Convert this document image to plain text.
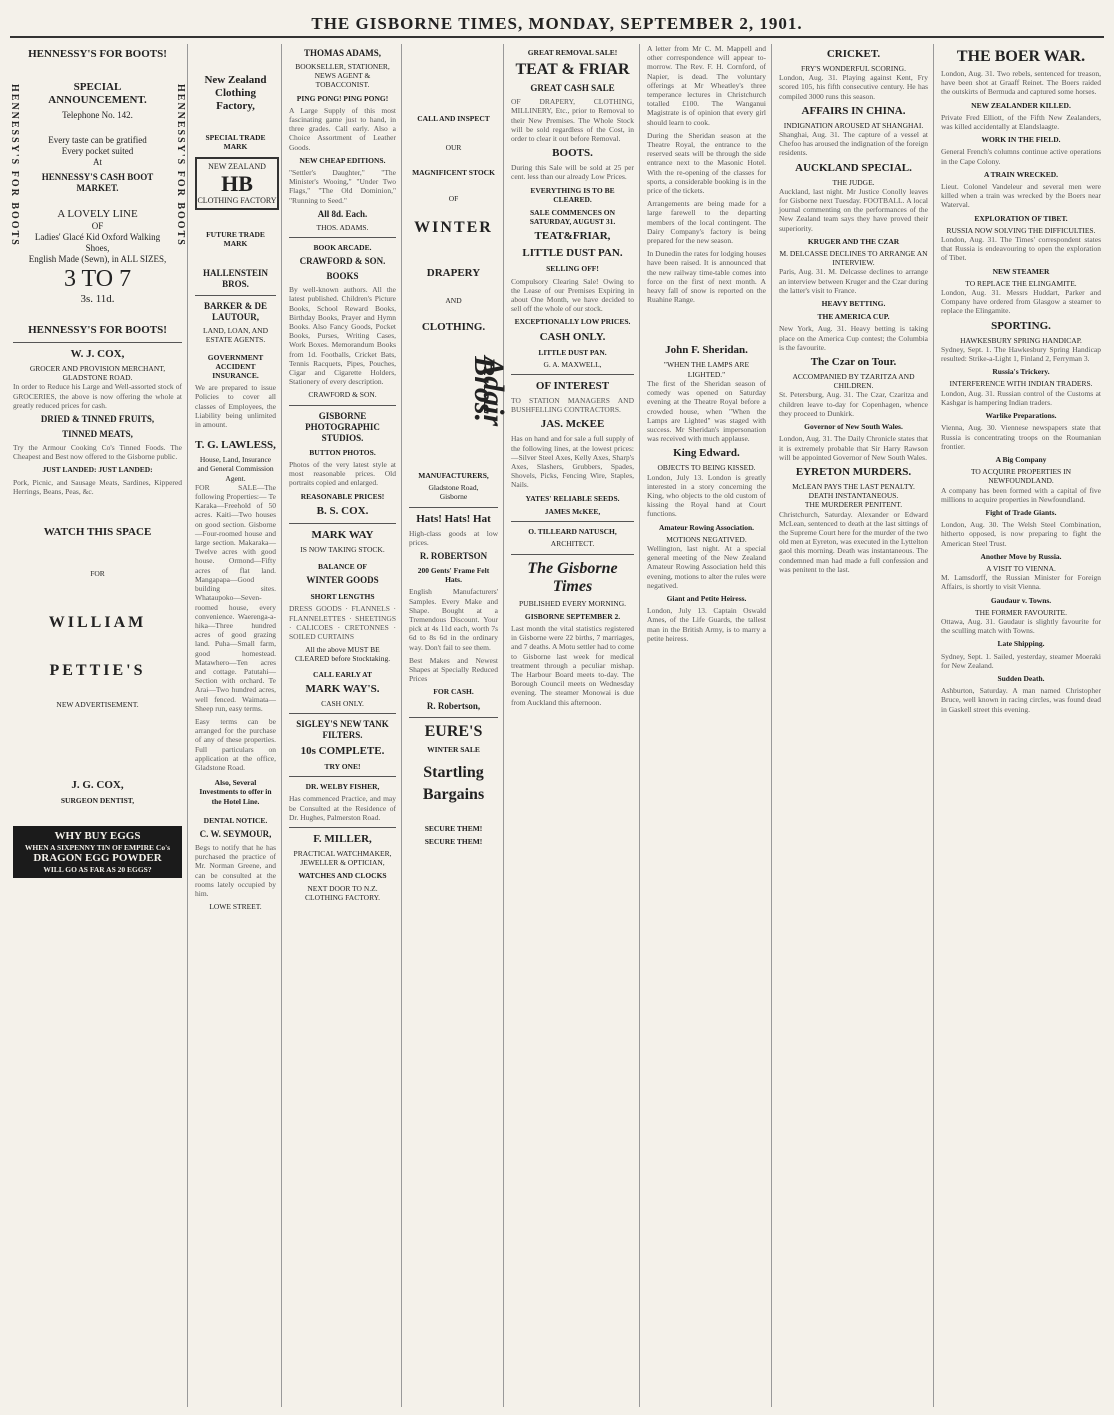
THE GISBORNE TIMES, MONDAY, SEPTEMBER 2, 1901.
HENNESSY'S FOR BOOTS!
HENNESSY'S FOR BOOTS	HENNESSY'S FOR BOOTS
SPECIAL ANNOUNCEMENT.
Telephone No. 142.
Every taste can be gratified
Every pocket suited
At
HENNESSY'S CASH BOOT MARKET.
A LOVELY LINE
OF
Ladies' Glacé Kid Oxford Walking Shoes,
English Made (Sewn), in ALL SIZES,
3 TO 7
3s. 11d.
HENNESSY'S FOR BOOTS!
W. J. COX,
GROCER AND PROVISION MERCHANT, GLADSTONE ROAD.

In order to Reduce his Large and Well-assorted stock of GROCERIES, the above is now offering the whole at greatly reduced prices for cash.

DRIED & TINNED FRUITS,
TINNED MEATS,

Try the Armour Cooking Co's Tinned Foods. The Cheapest and Best now offered to the Gisborne public.

JUST LANDED: JUST LANDED:

Pork, Picnic, and Sausage Meats, Sardines, Kippered Herrings, Beans, Peas, &c.

WATCH THIS SPACE
FOR
WILLIAM
PETTIE'S
NEW ADVERTISEMENT.
J. G. COX,
SURGEON DENTIST,
WHY BUY EGGS
WHEN A SIXPENNY TIN OF EMPIRE Co's
DRAGON EGG POWDER
WILL GO AS FAR AS 20 EGGS?
New Zealand Clothing Factory,
SPECIAL TRADE MARK
NEW ZEALAND
HB
CLOTHING FACTORY
FUTURE TRADE MARK
HALLENSTEIN BROS.
BARKER & DE LAUTOUR,
LAND, LOAN, AND ESTATE AGENTS.
GOVERNMENT ACCIDENT INSURANCE.

We are prepared to issue Policies to cover all classes of Employees, the Liability being unlimited in amount.

T. G. LAWLESS,
House, Land, Insurance and General Commission Agent.

FOR SALE—The following Properties:— Te Karaka—Freehold of 50 acres. Kaiti—Two houses on good section. Gisborne—Four-roomed house and large section. Makaraka—Twelve acres with good house. Ormond—Fifty acres of flat land. Mangapapa—Good building sites. Whataupoko—Seven-roomed house, every convenience. Waerenga-a-hika—Three hundred acres of good grazing land. Puha—Small farm, good homestead. Matawhero—Ten acres and cottage. Patutahi—Section with orchard. Te Arai—Two hundred acres, well fenced. Waimata—Sheep run, easy terms.

Easy terms can be arranged for the purchase of any of these properties. Full particulars on application at the office, Gladstone Road.

Also, Several Investments to offer in the Hotel Line.
DENTAL NOTICE.
C. W. SEYMOUR,

Begs to notify that he has purchased the practice of Mr. Norman Greene, and can be consulted at the rooms lately occupied by him.

LOWE STREET.
THOMAS ADAMS,
BOOKSELLER, STATIONER, NEWS AGENT & TOBACCONIST.
PING PONG! PING PONG!

A Large Supply of this most fascinating game just to hand, in three grades. Call early. Also a Choice Assortment of Leather Goods.

NEW CHEAP EDITIONS.

"Settler's Daughter," "The Minister's Wooing," "Under Two Flags," "The Old Dominion," "Running to Seed."

All 8d. Each.
THOS. ADAMS.
BOOK ARCADE.
CRAWFORD & SON.
BOOKS

By well-known authors. All the latest published. Children's Picture Books, School Reward Books, Birthday Books, Prayer and Hymn Books. Also Fancy Goods, Pocket Books, Purses, Writing Cases, Work Boxes. Memorandum Books from 1d. Footballs, Cricket Bats, Tennis Racquets, Pipes, Pouches, Cigar and Cigarette Holders, Stationery of every description.

CRAWFORD & SON.
GISBORNE PHOTOGRAPHIC STUDIOS.
BUTTON PHOTOS.

Photos of the very latest style at most reasonable prices. Old portraits copied and enlarged.

REASONABLE PRICES!
B. S. COX.
MARK WAY
IS NOW TAKING STOCK.
BALANCE OF
WINTER GOODS
SHORT LENGTHS

DRESS GOODS · FLANNELS · FLANNELETTES · SHEETINGS · CALICOES · CRETONNES · SOILED CURTAINS

All the above MUST BE CLEARED before Stocktaking.
CALL EARLY AT
MARK WAY'S.
CASH ONLY.
SIGLEY'S NEW TANK FILTERS.
10s COMPLETE.
TRY ONE!
DR. WELBY FISHER,

Has commenced Practice, and may be Consulted at the Residence of Dr. Hughes, Palmerston Road.

F. MILLER,
PRACTICAL WATCHMAKER, JEWELLER & OPTICIAN,
WATCHES AND CLOCKS
NEXT DOOR TO N.Z. CLOTHING FACTORY.
CALL AND INSPECT
OUR
MAGNIFICENT STOCK
OF
WINTER
DRAPERY
AND
CLOTHING.
Adair Bros.
MANUFACTURERS,
Gladstone Road,
Gisborne
Hats! Hats! Hat

High-class goods at low prices.

R. ROBERTSON
200 Gents' Frame Felt Hats.

English Manufacturers' Samples. Every Make and Shape. Bought at a Tremendous Discount. Your pick at 4s 11d each, worth 7s 6d to 8s 6d in the ordinary way. Don't fail to see them.

Best Makes and Newest Shapes at Specially Reduced Prices

FOR CASH.
R. Robertson,
EURE'S
WINTER SALE
Startling
Bargains
SECURE THEM!
SECURE THEM!
GREAT REMOVAL SALE!
TEAT & FRIAR
GREAT CASH SALE

OF DRAPERY, CLOTHING, MILLINERY, Etc., prior to Removal to their New Premises. The Whole Stock will be sold regardless of the Cost, in order to clear it out before Removal.

BOOTS.

During this Sale will be sold at 25 per cent. less than our already Low Prices.

EVERYTHING IS TO BE CLEARED.
SALE COMMENCES ON SATURDAY, AUGUST 31.
TEAT&FRIAR,
LITTLE DUST PAN.
SELLING OFF!

Compulsory Clearing Sale! Owing to the Lease of our Premises Expiring in about One Month, we have decided to sell off the whole of our stock.

EXCEPTIONALLY LOW PRICES.
CASH ONLY.
LITTLE DUST PAN.
G. A. MAXWELL,
OF INTEREST

TO STATION MANAGERS AND BUSHFELLING CONTRACTORS.

JAS. McKEE

Has on hand and for sale a full supply of the following lines, at the lowest prices:—Silver Steel Axes, Kelly Axes, Sharp's Axes, Slashers, Grubbers, Spades, Shovels, Picks, Fencing Wire, Staples, Nails.

YATES' RELIABLE SEEDS.
JAMES McKEE,
O. TILLEARD NATUSCH,
ARCHITECT.
The Gisborne Times
PUBLISHED EVERY MORNING.
GISBORNE SEPTEMBER 2.

Last month the vital statistics registered in Gisborne were 22 births, 7 marriages, and 7 deaths. A Motu settler had to come to Gisborne last week for medical treatment through a peculiar mishap. The Harbour Board meets to-day. The Borough Council meets on Wednesday evening. The steamer Monowai is due from Auckland this afternoon.

A letter from Mr C. M. Mappell and other correspondence will appear to-morrow. The Rev. F. H. Cornford, of Napier, is dead. The voluntary offerings at Mr Wheatley's three temperance lectures in Christchurch totalled £100. The Wanganui Magistrate is of opinion that every girl should learn to cook.

During the Sheridan season at the Theatre Royal, the entrance to the reserved seats will be through the side entrance next to the Masonic Hotel. With the re-opening of the classes for sports, a considerable booking is in the price of the tickets.

Arrangements are being made for a large farewell to the departing members of the local contingent. The Dairy Company's factory is being prepared for the new season.

In Dunedin the rates for lodging houses have been raised. It is announced that the new railway time-table comes into force on the first of next month. A heavy fall of snow is reported on the Ruahine Range.

John F. Sheridan.
"WHEN THE LAMPS ARE LIGHTED."

The first of the Sheridan season of comedy was opened on Saturday evening at the Theatre Royal before a crowded house, when "When the Lamps are Lighted" was staged with success. Mr Sheridan's impersonation was received with much applause.

King Edward.
OBJECTS TO BEING KISSED.

London, July 13. London is greatly interested in a story concerning the King, who objects to the old custom of kissing the Royal hand at Court functions.

Amateur Rowing Association.
MOTIONS NEGATIVED.

Wellington, last night. At a special general meeting of the New Zealand Amateur Rowing Association held this evening, motions to alter the rules were negatived.

Giant and Petite Heiress.

London, July 13. Captain Oswald Ames, of the Life Guards, the tallest man in the British Army, is to marry a petite heiress.

CRICKET.
FRY'S WONDERFUL SCORING.

London, Aug. 31. Playing against Kent, Fry scored 105, his fifth consecutive century. He has compiled 3000 runs this season.

AFFAIRS IN CHINA.
INDIGNATION AROUSED AT SHANGHAI.

Shanghai, Aug. 31. The capture of a vessel at Chefoo has aroused the indignation of the foreign residents.

AUCKLAND SPECIAL.
THE JUDGE.

Auckland, last night. Mr Justice Conolly leaves for Gisborne next Tuesday. FOOTBALL. A local journal commenting on the performances of the New Zealand team says they have proved their superiority.

KRUGER AND THE CZAR
M. DELCASSE DECLINES TO ARRANGE AN INTERVIEW.

Paris, Aug. 31. M. Delcasse declines to arrange an interview between Kruger and the Czar during the latter's visit to France.

HEAVY BETTING.
THE AMERICA CUP.

New York, Aug. 31. Heavy betting is taking place on the America Cup contest; the Columbia is the favourite.

The Czar on Tour.
ACCOMPANIED BY TZARITZA AND CHILDREN.

St. Petersburg, Aug. 31. The Czar, Czaritza and children leave to-day for Copenhagen, whence they proceed to Dunkirk.

Governor of New South Wales.

London, Aug. 31. The Daily Chronicle states that it is extremely probable that Sir Harry Rawson will be appointed Governor of New South Wales.

EYRETON MURDERS.
McLEAN PAYS THE LAST PENALTY.
DEATH INSTANTANEOUS.
THE MURDERER PENITENT.

Christchurch, Saturday. Alexander or Edward McLean, sentenced to death at the last sittings of the Supreme Court here for the murder of the two old men at Eyreton, was executed in the Lyttelton gaol this morning. Death was instantaneous. The condemned man had made a full confession and was penitent to the last.

THE BOER WAR.

London, Aug. 31. Two rebels, sentenced for treason, have been shot at Graaff Reinet. The Boers raided the outskirts of Bermuda and captured some horses.

NEW ZEALANDER KILLED.

Private Fred Elliott, of the Fifth New Zealanders, was killed accidentally at Elandslaagte.

WORK IN THE FIELD.

General French's columns continue active operations in the Cape Colony.

A TRAIN WRECKED.

Lieut. Colonel Vandeleur and several men were killed when a train was wrecked by the Boers near Waterval.

EXPLORATION OF TIBET.
RUSSIA NOW SOLVING THE DIFFICULTIES.

London, Aug. 31. The Times' correspondent states that Russia is endeavouring to open the exploration of Tibet.

NEW STEAMER
TO REPLACE THE ELINGAMITE.

London, Aug. 31. Messrs Huddart, Parker and Company have ordered from Glasgow a steamer to replace the Elingamite.

SPORTING.
HAWKESBURY SPRING HANDICAP.

Sydney, Sept. 1. The Hawkesbury Spring Handicap resulted: Strike-a-Light 1, Finland 2, Ferryman 3.

Russia's Trickery.
INTERFERENCE WITH INDIAN TRADERS.

London, Aug. 31. Russian control of the Customs at Kashgar is hampering Indian traders.

Warlike Preparations.

Vienna, Aug. 30. Viennese newspapers state that Russia is concentrating troops on the Roumanian frontier.

A Big Company
TO ACQUIRE PROPERTIES IN NEWFOUNDLAND.

A company has been formed with a capital of five millions to acquire properties in Newfoundland.

Fight of Trade Giants.

London, Aug. 30. The Welsh Steel Combination, hitherto opposed, is now preparing to fight the American Steel Trust.

Another Move by Russia.
A VISIT TO VIENNA.

M. Lamsdorff, the Russian Minister for Foreign Affairs, is shortly to visit Vienna.

Gaudaur v. Towns.
THE FORMER FAVOURITE.

Ottawa, Aug. 31. Gaudaur is slightly favourite for the sculling match with Towns.

Late Shipping.

Sydney, Sept. 1. Sailed, yesterday, steamer Moeraki for New Zealand.

Sudden Death.

Ashburton, Saturday. A man named Christopher Bruce, well known in racing circles, was found dead in Gaskell street this evening.
